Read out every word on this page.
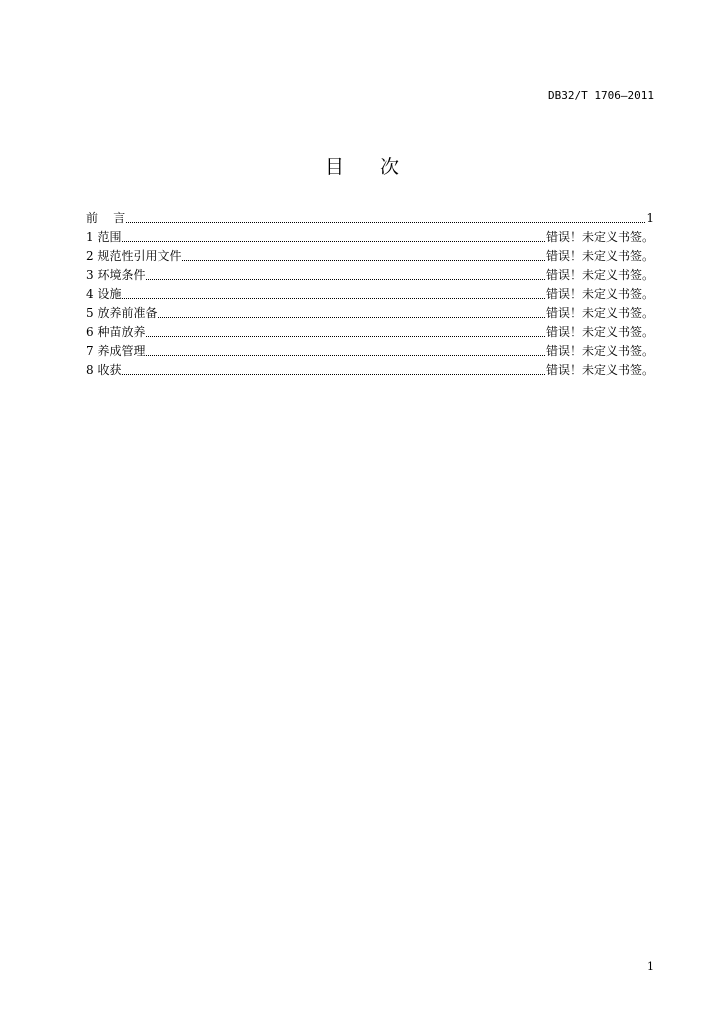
DB32/T 1706—2011
目 次
前    言	1
1 范围	错误！未定义书签。
2 规范性引用文件	错误！未定义书签。
3 环境条件	错误！未定义书签。
4 设施	错误！未定义书签。
5 放养前准备	错误！未定义书签。
6 种苗放养	错误！未定义书签。
7 养成管理	错误！未定义书签。
8 收获	错误！未定义书签。
1
